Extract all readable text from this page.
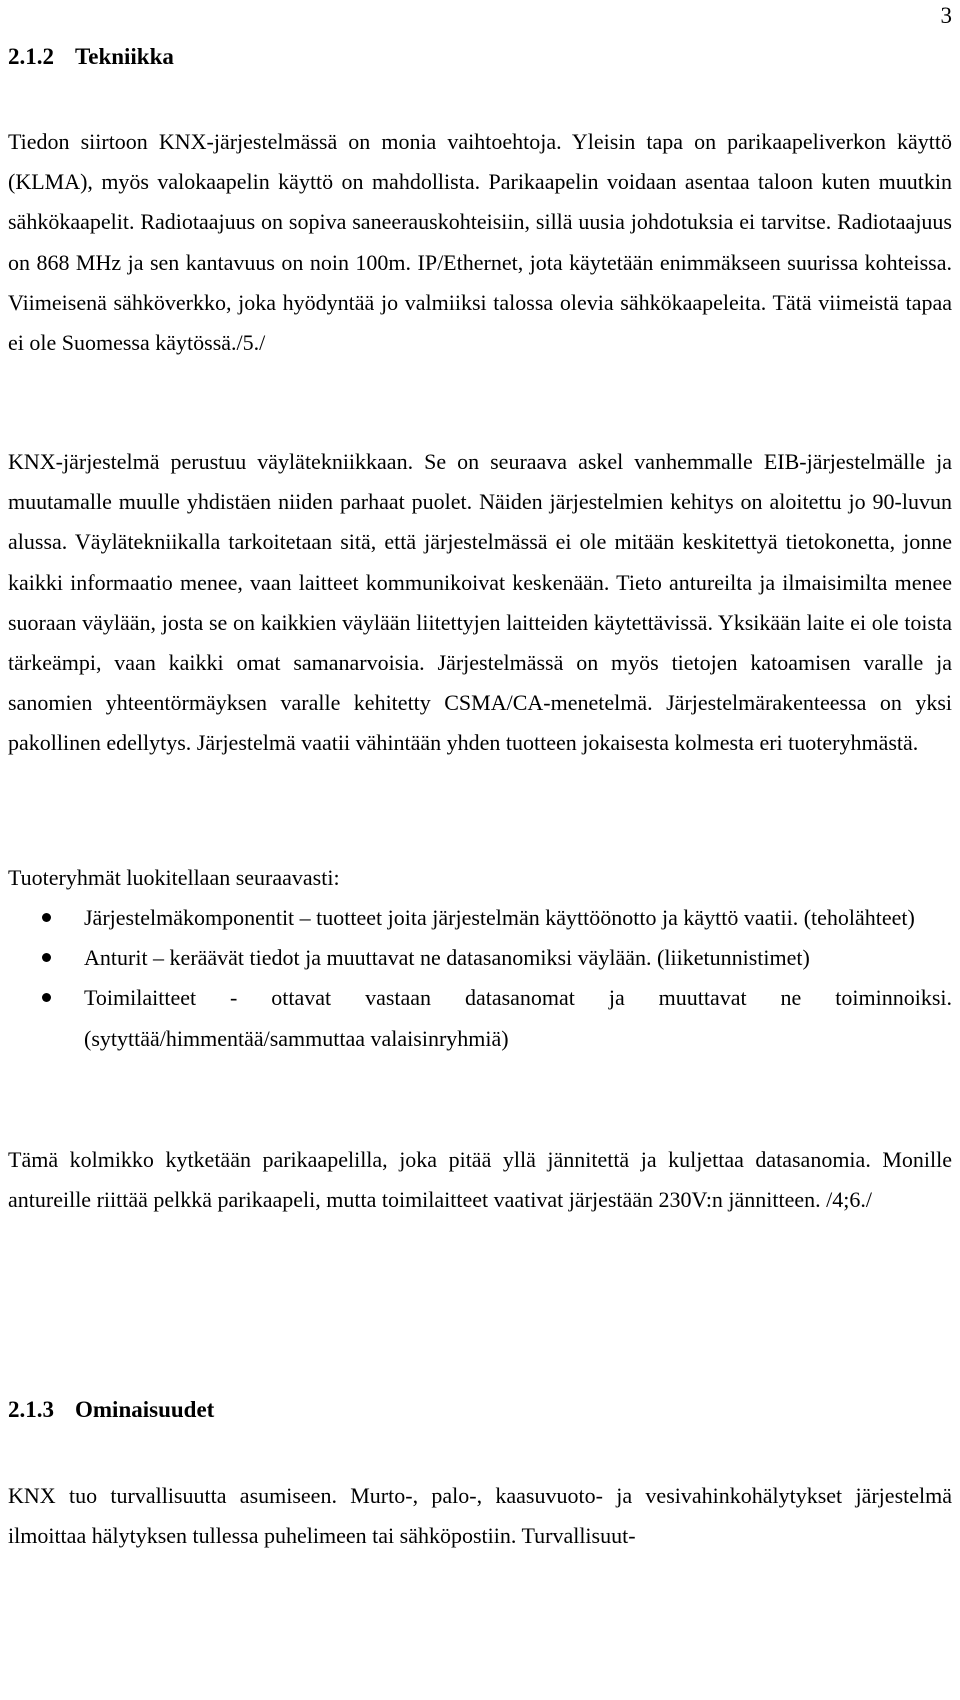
3
2.1.2 Tekniikka

Tiedon siirtoon KNX-järjestelmässä on monia vaihtoehtoja. Yleisin tapa on parikaapeliverkon käyttö (KLMA), myös valokaapelin käyttö on mahdollista. Parikaapelin voidaan asentaa taloon kuten muutkin sähkökaapelit. Radiotaajuus on sopiva saneerauskohteisiin, sillä uusia johdotuksia ei tarvitse. Radiotaajuus on 868 MHz ja sen kantavuus on noin 100m. IP/Ethernet, jota käytetään enimmäkseen suurissa kohteissa. Viimeisenä sähköverkko, joka hyödyntää jo valmiiksi talossa olevia sähkökaapeleita. Tätä viimeistä tapaa ei ole Suomessa käytössä./5./

KNX-järjestelmä perustuu väylätekniikkaan. Se on seuraava askel vanhemmalle EIB-järjestelmälle ja muutamalle muulle yhdistäen niiden parhaat puolet. Näiden järjestelmien kehitys on aloitettu jo 90-luvun alussa. Väylätekniikalla tarkoitetaan sitä, että järjestelmässä ei ole mitään keskitettyä tietokonetta, jonne kaikki informaatio menee, vaan laitteet kommunikoivat keskenään. Tieto antureilta ja ilmaisimilta menee suoraan väylään, josta se on kaikkien väylään liitettyjen laitteiden käytettävissä. Yksikään laite ei ole toista tärkeämpi, vaan kaikki omat samanarvoisia. Järjestelmässä on myös tietojen katoamisen varalle ja sanomien yhteentörmäyksen varalle kehitetty CSMA/CA-menetelmä. Järjestelmärakenteessa on yksi pakollinen edellytys. Järjestelmä vaatii vähintään yhden tuotteen jokaisesta kolmesta eri tuoteryhmästä.

Tuoteryhmät luokitellaan seuraavasti:

Järjestelmäkomponentit – tuotteet joita järjestelmän käyttöönotto ja käyttö vaatii. (teholähteet)
Anturit – keräävät tiedot ja muuttavat ne datasanomiksi väylään. (liiketunnistimet)
Toimilaitteet - ottavat vastaan datasanomat ja muuttavat ne toiminnoiksi. (sytyttää/himmentää/sammuttaa valaisinryhmiä)

Tämä kolmikko kytketään parikaapelilla, joka pitää yllä jännitettä ja kuljettaa datasanomia. Monille antureille riittää pelkkä parikaapeli, mutta toimilaitteet vaativat järjestään 230V:n jännitteen. /4;6./

2.1.3 Ominaisuudet

KNX tuo turvallisuutta asumiseen. Murto-, palo-, kaasuvuoto- ja vesivahinkohälytykset järjestelmä ilmoittaa hälytyksen tullessa puhelimeen tai sähköpostiin. Turvallisuut-
